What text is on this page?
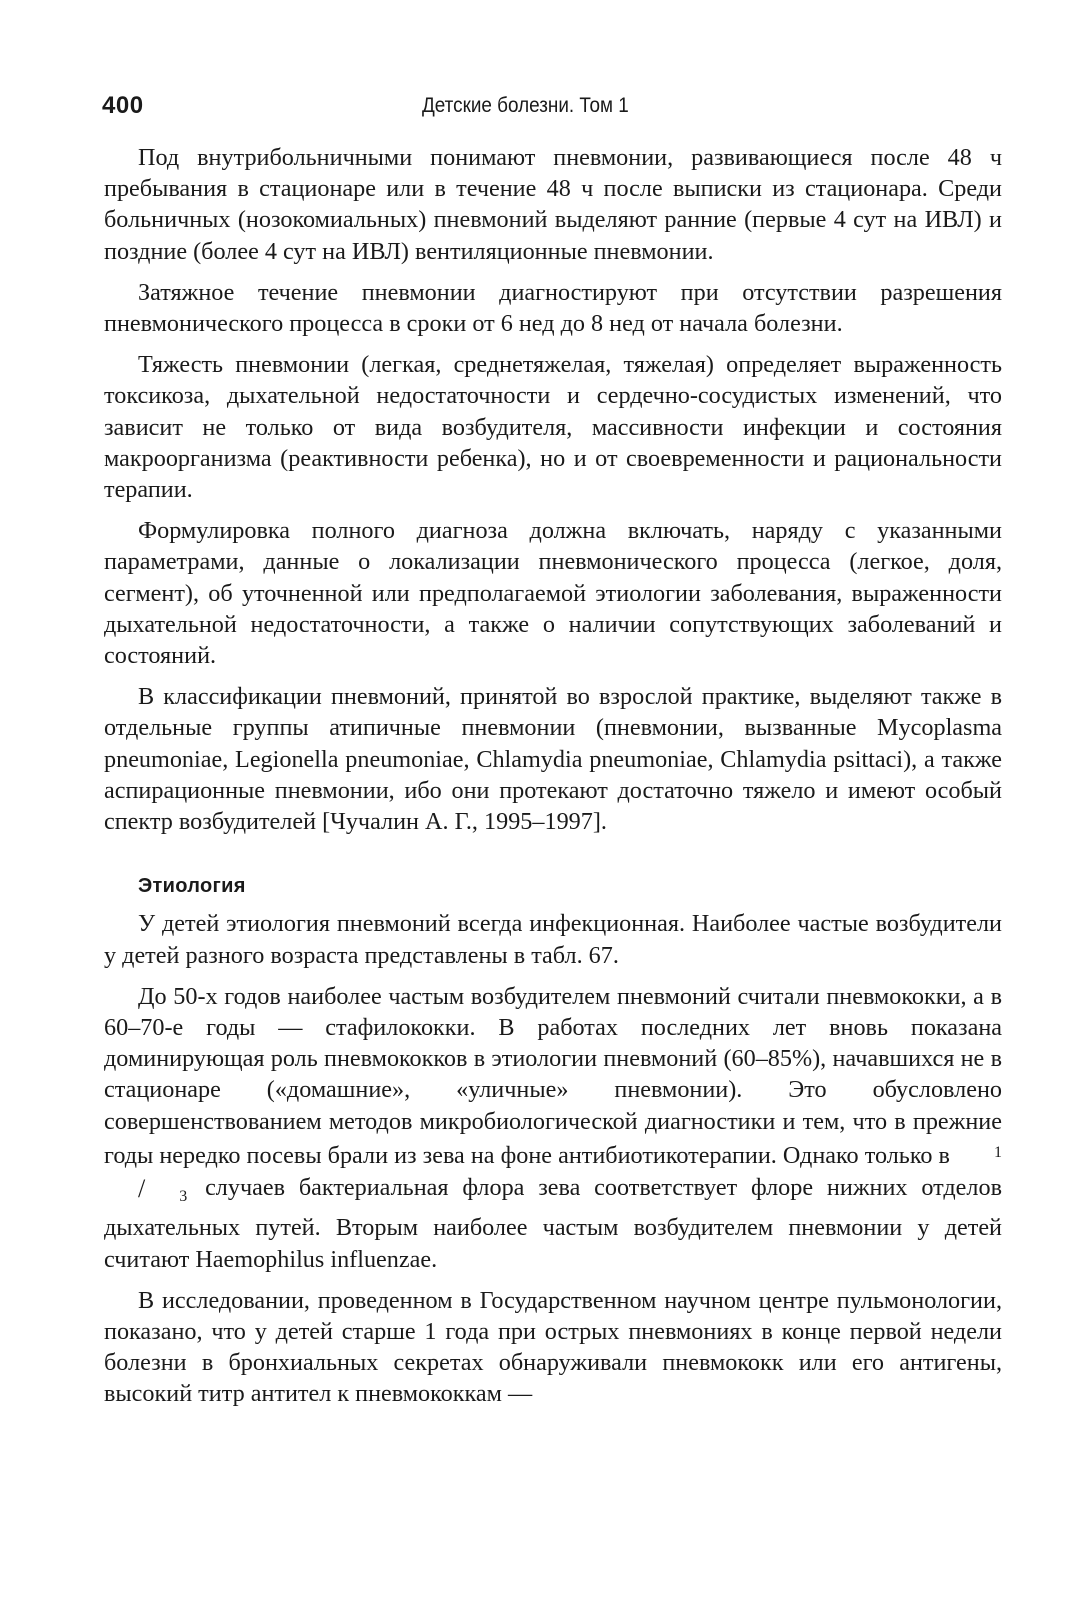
400	Детские болезни. Том 1

Под внутрибольничными понимают пневмонии, развивающиеся после 48 ч пребывания в стационаре или в течение 48 ч после выписки из стационара. Среди больничных (нозокомиальных) пневмоний выделяют ранние (первые 4 сут на ИВЛ) и поздние (более 4 сут на ИВЛ) вентиляционные пневмонии.

Затяжное течение пневмонии диагностируют при отсутствии разрешения пневмонического процесса в сроки от 6 нед до 8 нед от начала болезни.

Тяжесть пневмонии (легкая, среднетяжелая, тяжелая) определяет выраженность токсикоза, дыхательной недостаточности и сердечно-сосудистых изменений, что зависит не только от вида возбудителя, массивности инфекции и состояния макроорганизма (реактивности ребенка), но и от своевременности и рациональности терапии.

Формулировка полного диагноза должна включать, наряду с указанными параметрами, данные о локализации пневмонического процесса (легкое, доля, сегмент), об уточненной или предполагаемой этиологии заболевания, выраженности дыхательной недостаточности, а также о наличии сопутствующих заболеваний и состояний.

В классификации пневмоний, принятой во взрослой практике, выделяют также в отдельные группы атипичные пневмонии (пневмонии, вызванные Mycoplasma pneumoniae, Legionella pneumoniae, Chlamydia pneumoniae, Chlamydia psittaci), а также аспирационные пневмонии, ибо они протекают достаточно тяжело и имеют особый спектр возбудителей [Чучалин А. Г., 1995–1997].

Этиология

У детей этиология пневмоний всегда инфекционная. Наиболее частые возбудители у детей разного возраста представлены в табл. 67.

До 50-х годов наиболее частым возбудителем пневмоний считали пневмококки, а в 60–70-е годы — стафилококки. В работах последних лет вновь показана доминирующая роль пневмококков в этиологии пневмоний (60–85%), начавшихся не в стационаре («домашние», «уличные» пневмонии). Это обусловлено совершенствованием методов микробиологической диагностики и тем, что в прежние годы нередко посевы брали из зева на фоне антибиотикотерапии. Однако только в	1/ 3 случаев бактериальная флора зева соответствует флоре нижних отделов дыхательных путей. Вторым наиболее частым возбудителем пневмонии у детей считают Haemophilus influenzae.

В исследовании, проведенном в Государственном научном центре пульмонологии, показано, что у детей старше 1 года при острых пневмониях в конце первой недели болезни в бронхиальных секретах обнаруживали пневмококк или его антигены, высокий титр антител к пневмококкам —
